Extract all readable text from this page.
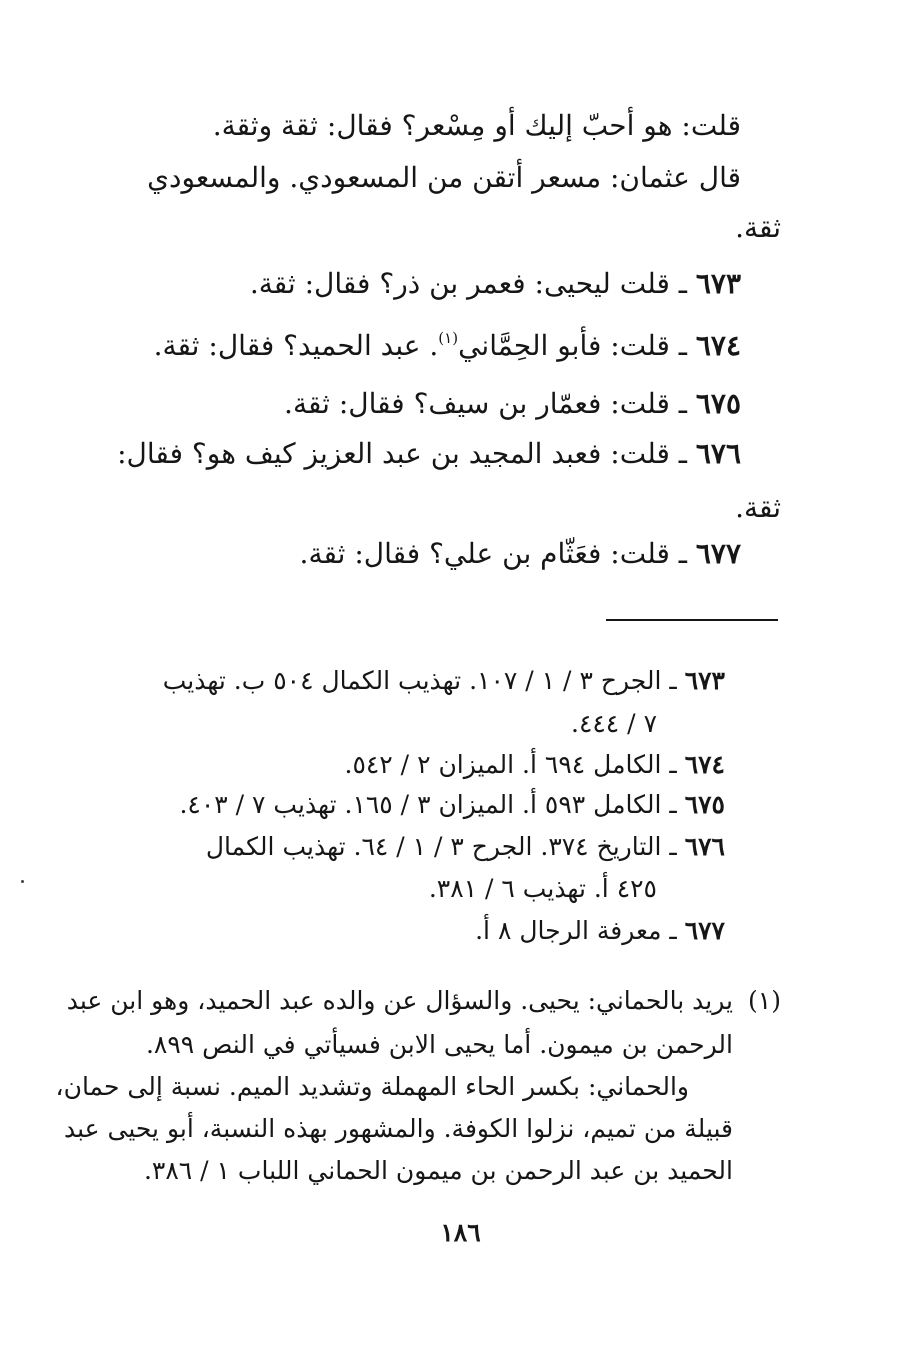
قلت: هو أحبّ إليك أو مِسْعر؟ فقال: ثقة وثقة.
قال عثمان: مسعر أتقن من المسعودي. والمسعودي
ثقة.
٦٧٣ ـ قلت ليحيى: فعمر بن ذر؟ فقال: ثقة.
٦٧٤ ـ قلت: فأبو الحِمَّاني$^{(١)}$. عبد الحميد؟ فقال: ثقة.
٦٧٥ ـ قلت: فعمّار بن سيف؟ فقال: ثقة.
٦٧٦ ـ قلت: فعبد المجيد بن عبد العزيز كيف هو؟ فقال:
ثقة.
٦٧٧ ـ قلت: فعَثّام بن علي؟ فقال: ثقة.
٦٧٣ ـ الجرح ٣ / ١ / ١٠٧. تهذيب الكمال ٥٠٤ ب. تهذيب
٧ / ٤٤٤.
٦٧٤ ـ الكامل ٦٩٤ أ. الميزان ٢ / ٥٤٢.
٦٧٥ ـ الكامل ٥٩٣ أ. الميزان ٣ / ١٦٥. تهذيب ٧ / ٤٠٣.
٦٧٦ ـ التاريخ ٣٧٤. الجرح ٣ / ١ / ٦٤. تهذيب الكمال
٤٢٥ أ. تهذيب ٦ / ٣٨١.
٦٧٧ ـ معرفة الرجال ٨ أ.
(١)
يريد بالحماني: يحيى. والسؤال عن والده عبد الحميد، وهو ابن عبد
الرحمن بن ميمون. أما يحيى الابن فسيأتي في النص ٨٩٩.
والحماني: بكسر الحاء المهملة وتشديد الميم. نسبة إلى حمان،
قبيلة من تميم، نزلوا الكوفة. والمشهور بهذه النسبة، أبو يحيى عبد
الحميد بن عبد الرحمن بن ميمون الحماني اللباب ١ / ٣٨٦.
١٨٦
